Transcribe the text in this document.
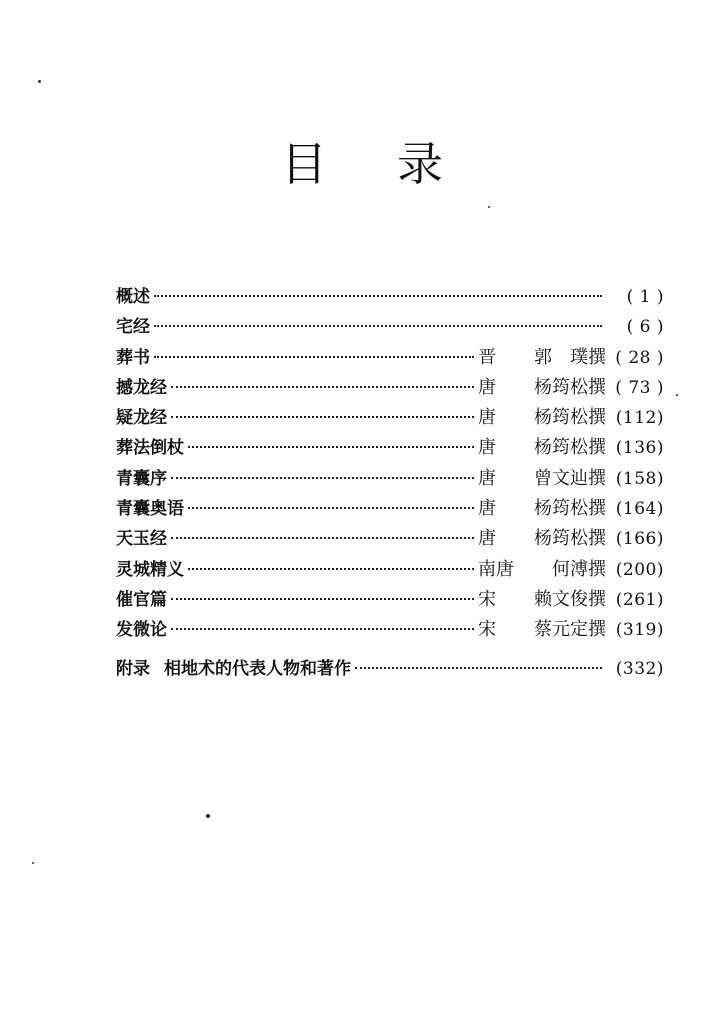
目 录
概述	( 1 )
宅经	( 6 )
葬书	晋	郭　璞撰 ( 28 )
撼龙经	唐	杨筠松撰 ( 73 )
疑龙经	唐	杨筠松撰 (112)
葬法倒杖	唐	杨筠松撰 (136)
青囊序	唐	曾文辿撰 (158)
青囊奥语	唐	杨筠松撰 (164)
天玉经	唐	杨筠松撰 (166)
灵城精义	南唐	何溥撰 (200)
催官篇	宋	赖文俊撰 (261)
发微论	宋	蔡元定撰 (319)
附录 相地术的代表人物和著作	(332)
